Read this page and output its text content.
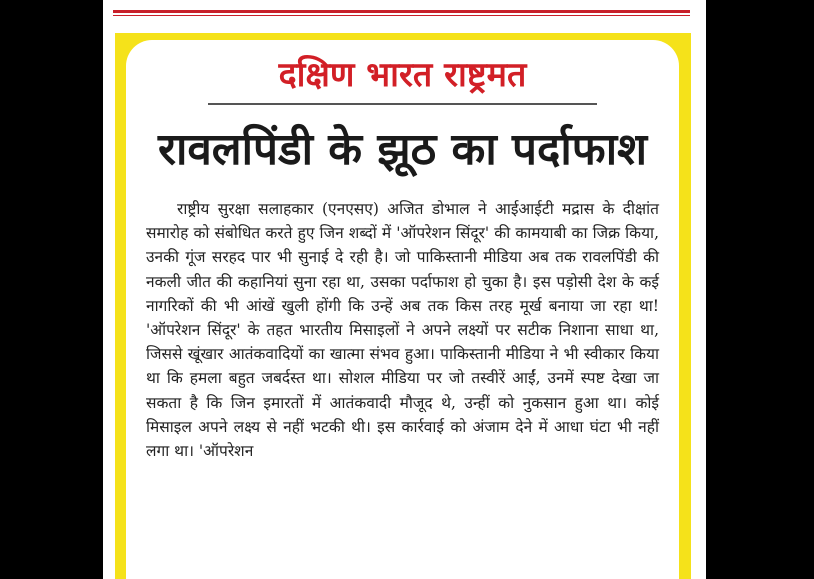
दक्षिण भारत राष्ट्रमत
रावलपिंडी के झूठ का पर्दाफाश
राष्ट्रीय सुरक्षा सलाहकार (एनएसए) अजित डोभाल ने आईआईटी मद्रास के दीक्षांत समारोह को संबोधित करते हुए जिन शब्दों में 'ऑपरेशन सिंदूर' की कामयाबी का जिक्र किया, उनकी गूंज सरहद पार भी सुनाई दे रही है। जो पाकिस्तानी मीडिया अब तक रावलपिंडी की नकली जीत की कहानियां सुना रहा था, उसका पर्दाफाश हो चुका है। इस पड़ोसी देश के कई नागरिकों की भी आंखें खुली होंगी कि उन्हें अब तक किस तरह मूर्ख बनाया जा रहा था! 'ऑपरेशन सिंदूर' के तहत भारतीय मिसाइलों ने अपने लक्ष्यों पर सटीक निशाना साधा था, जिससे खूंखार आतंकवादियों का खात्मा संभव हुआ। पाकिस्तानी मीडिया ने भी स्वीकार किया था कि हमला बहुत जबर्दस्त था। सोशल मीडिया पर जो तस्वीरें आईं, उनमें स्पष्ट देखा जा सकता है कि जिन इमारतों में आतंकवादी मौजूद थे, उन्हीं को नुकसान हुआ था। कोई मिसाइल अपने लक्ष्य से नहीं भटकी थी। इस कार्रवाई को अंजाम देने में आधा घंटा भी नहीं लगा था। 'ऑपरेशन
